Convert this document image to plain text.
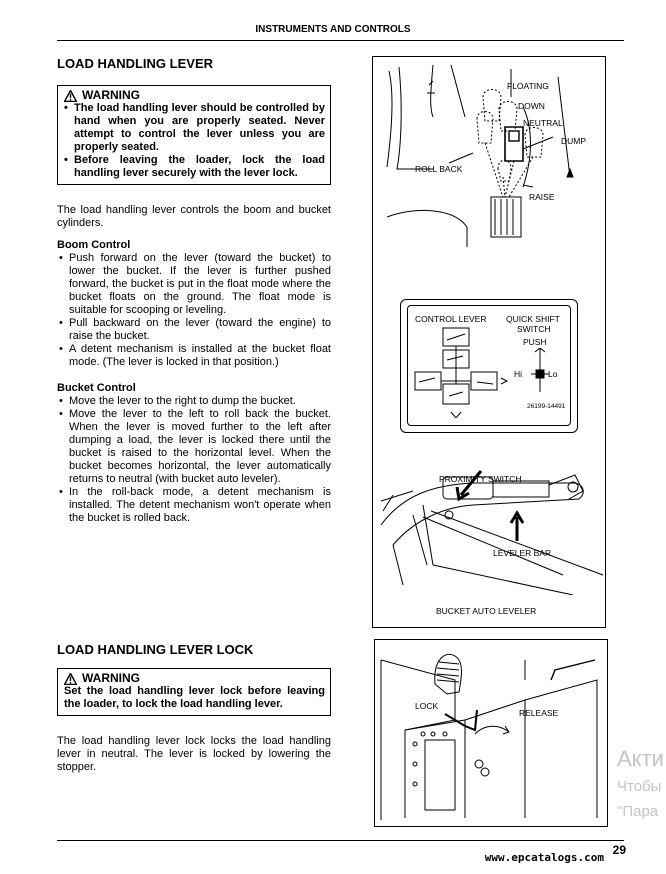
INSTRUMENTS AND CONTROLS
LOAD HANDLING LEVER
WARNING
• The load handling lever should be controlled by hand when you are properly seated. Never attempt to control the lever unless you are properly seated.
• Before leaving the loader, lock the load handling lever securely with the lever lock.

The load handling lever controls the boom and bucket cylinders.

Boom Control

• Push forward on the lever (toward the bucket) to lower the bucket. If the lever is further pushed forward, the bucket is put in the float mode where the bucket floats on the ground. The float mode is suitable for scooping or leveling.
• Pull backward on the lever (toward the engine) to raise the bucket.
• A detent mechanism is installed at the bucket float mode. (The lever is locked in that position.)

Bucket Control

• Move the lever to the right to dump the bucket.
• Move the lever to the left to roll back the bucket. When the lever is moved further to the left after dumping a load, the lever is locked there until the bucket is raised to the horizontal level. When the bucket becomes horizontal, the lever automatically returns to neutral (with bucket auto leveler).
• In the roll-back mode, a detent mechanism is installed. The detent mechanism won't operate when the bucket is rolled back.
LOAD HANDLING LEVER LOCK
WARNING
Set the load handling lever lock before leaving the loader, to lock the load handling lever.

The load handling lever lock locks the load handling lever in neutral. The lever is locked by lowering the stopper.

FLOATING
DOWN
NEUTRAL
DUMP
ROLL BACK
RAISE
CONTROL LEVER QUICK SHIFT
SWITCH
PUSH
Hi	Lo
26199-14491
PROXIMITY SWITCH
LEVELER BAR
BUCKET AUTO LEVELER
LOCK
RELEASE
Акти
Чтобы
"Пара
www.epcatalogs.com
29
